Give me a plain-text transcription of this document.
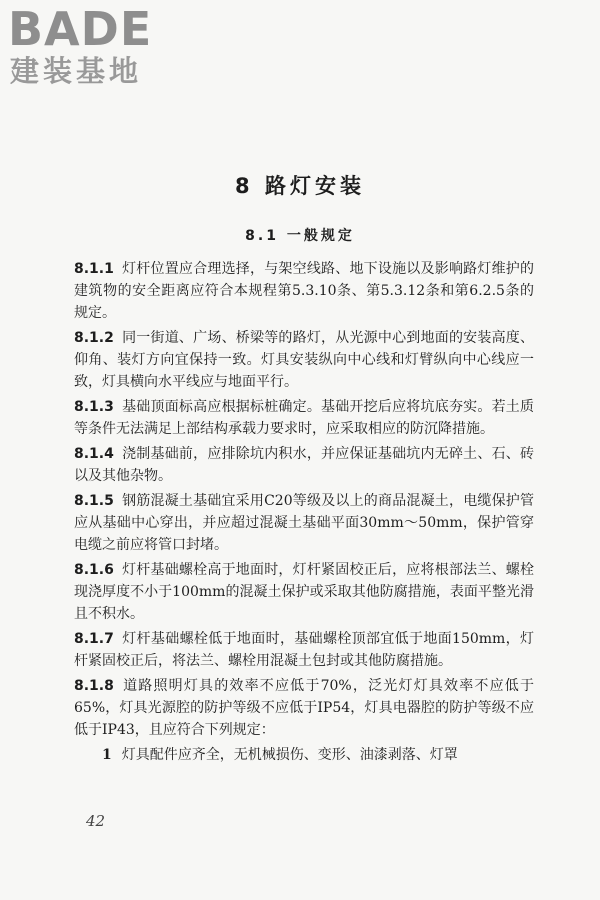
BADE
建装基地
8 路灯安装
8.1 一般规定

8.1.1 灯杆位置应合理选择，与架空线路、地下设施以及影响路灯维护的建筑物的安全距离应符合本规程第5.3.10条、第5.3.12条和第6.2.5条的规定。

8.1.2 同一街道、广场、桥梁等的路灯，从光源中心到地面的安装高度、仰角、装灯方向宜保持一致。灯具安装纵向中心线和灯臂纵向中心线应一致，灯具横向水平线应与地面平行。

8.1.3 基础顶面标高应根据标桩确定。基础开挖后应将坑底夯实。若土质等条件无法满足上部结构承载力要求时，应采取相应的防沉降措施。

8.1.4 浇制基础前，应排除坑内积水，并应保证基础坑内无碎土、石、砖以及其他杂物。

8.1.5 钢筋混凝土基础宜采用C20等级及以上的商品混凝土，电缆保护管应从基础中心穿出，并应超过混凝土基础平面30mm～50mm，保护管穿电缆之前应将管口封堵。

8.1.6 灯杆基础螺栓高于地面时，灯杆紧固校正后，应将根部法兰、螺栓现浇厚度不小于100mm的混凝土保护或采取其他防腐措施，表面平整光滑且不积水。

8.1.7 灯杆基础螺栓低于地面时，基础螺栓顶部宜低于地面150mm，灯杆紧固校正后，将法兰、螺栓用混凝土包封或其他防腐措施。

8.1.8 道路照明灯具的效率不应低于70%，泛光灯灯具效率不应低于65%，灯具光源腔的防护等级不应低于IP54，灯具电器腔的防护等级不应低于IP43，且应符合下列规定：

1 灯具配件应齐全，无机械损伤、变形、油漆剥落、灯罩

42
